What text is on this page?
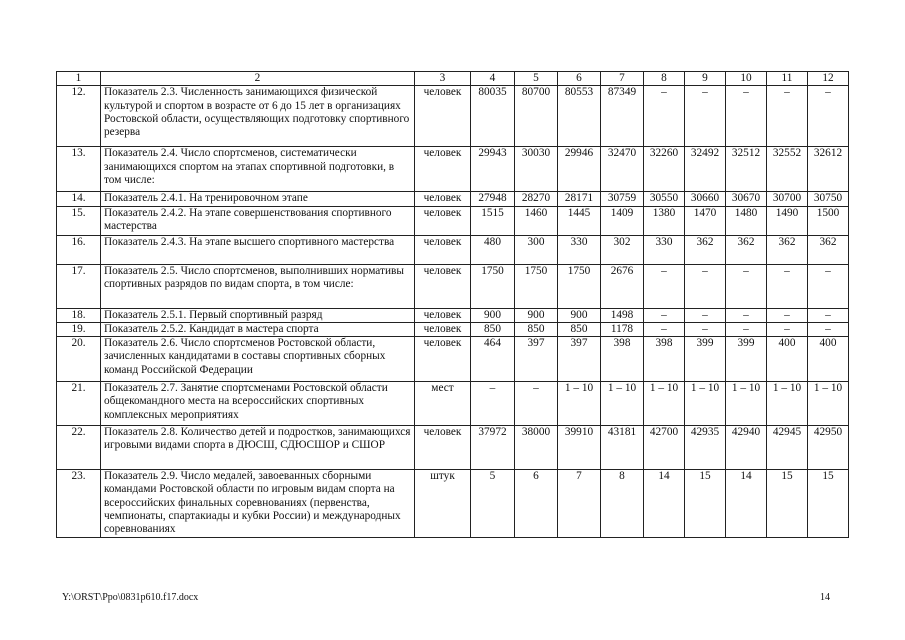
1	2	3	4	5	6	7	8	9	10	11	12
12.	Показатель 2.3. Численность занимающихся физической культурой и спортом в возрасте от 6 до 15 лет в организациях Ростовской области, осуществляющих подготовку спортивного резерва	человек	80035	80700	80553	87349	–	–	–	–	–
13.	Показатель 2.4. Число спортсменов, систематически занимающихся спортом на этапах спортивной подготовки, в том числе:	человек	29943	30030	29946	32470	32260	32492	32512	32552	32612
14.	Показатель 2.4.1. На тренировочном этапе	человек	27948	28270	28171	30759	30550	30660	30670	30700	30750
15.	Показатель 2.4.2. На этапе совершенствования спортивного мастерства	человек	1515	1460	1445	1409	1380	1470	1480	1490	1500
16.	Показатель 2.4.3. На этапе высшего спортивного мастерства	человек	480	300	330	302	330	362	362	362	362
17.	Показатель 2.5. Число спортсменов, выполнивших нормативы спортивных разрядов по видам спорта, в том числе:	человек	1750	1750	1750	2676	–	–	–	–	–
18.	Показатель 2.5.1. Первый спортивный разряд	человек	900	900	900	1498	–	–	–	–	–
19.	Показатель 2.5.2. Кандидат в мастера спорта	человек	850	850	850	1178	–	–	–	–	–
20.	Показатель 2.6. Число спортсменов Ростовской области, зачисленных кандидатами в составы спортивных сборных команд Российской Федерации	человек	464	397	397	398	398	399	399	400	400
21.	Показатель 2.7. Занятие спортсменами Ростовской области общекомандного места на всероссийских спортивных комплексных мероприятиях	мест	–	–	1 – 10	1 – 10	1 – 10	1 – 10	1 – 10	1 – 10	1 – 10
22.	Показатель 2.8. Количество детей и подростков, занимающихся игровыми видами спорта в ДЮСШ, СДЮСШОР и СШОР	человек	37972	38000	39910	43181	42700	42935	42940	42945	42950
23.	Показатель 2.9. Число медалей, завоеванных сборными командами Ростовской области по игровым видам спорта на всероссийских финальных соревнованиях (первенства, чемпионаты, спартакиады и кубки России) и международных соревнованиях	штук	5	6	7	8	14	15	14	15	15
Y:\ORST\Ppo\0831p610.f17.docx	14
